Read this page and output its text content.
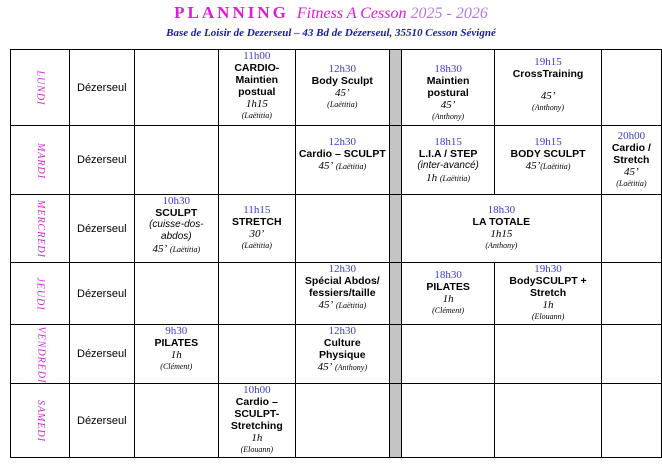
PLANNING Fitness A Cesson 2025 - 2026
Base de Loisir de Dezerseul – 43 Bd de Dézerseul, 35510 Cesson Sévigné
LUNDI	Dézerseul		11h00
CARDIO-Maintien postual
1h15
(Laëtitia)	12h30
Body Sculpt
45’
(Laëtitia)		18h30
Maintien postural
45’
(Anthony)	19h15
CrossTraining
45’
(Anthony)	

MARDI	Dézerseul			12h30
Cardio – SCULPT
45’ (Laëtitia)		18h15
L.I.A / STEP
(inter-avancé)
1h (Laëtitia)	19h15
BODY SCULPT
45’(Laëtitia)	20h00
Cardio / Stretch
45’
(Laëtitia)

MERCREDI	Dézerseul	10h30
SCULPT
(cuisse-dos-abdos)
45’ (Laëtitia)	11h15
STRETCH
30’
(Laëtitia)			18h30
LA TOTALE
1h15
(Anthony)		

JEUDI	Dézerseul			12h30
Spécial Abdos/ fessiers/taille
45’ (Laëtitia)		18h30
PILATES
1h
(Clément)	19h30
BodySCULPT + Stretch
1h
(Elouann)	

VENDREDI	Dézerseul	9h30
PILATES
1h
(Clément)		12h30
Culture Physique
45’ (Anthony)				

SAMEDI	Dézerseul		10h00
Cardio – SCULPT- Stretching
1h
(Elouann)					
